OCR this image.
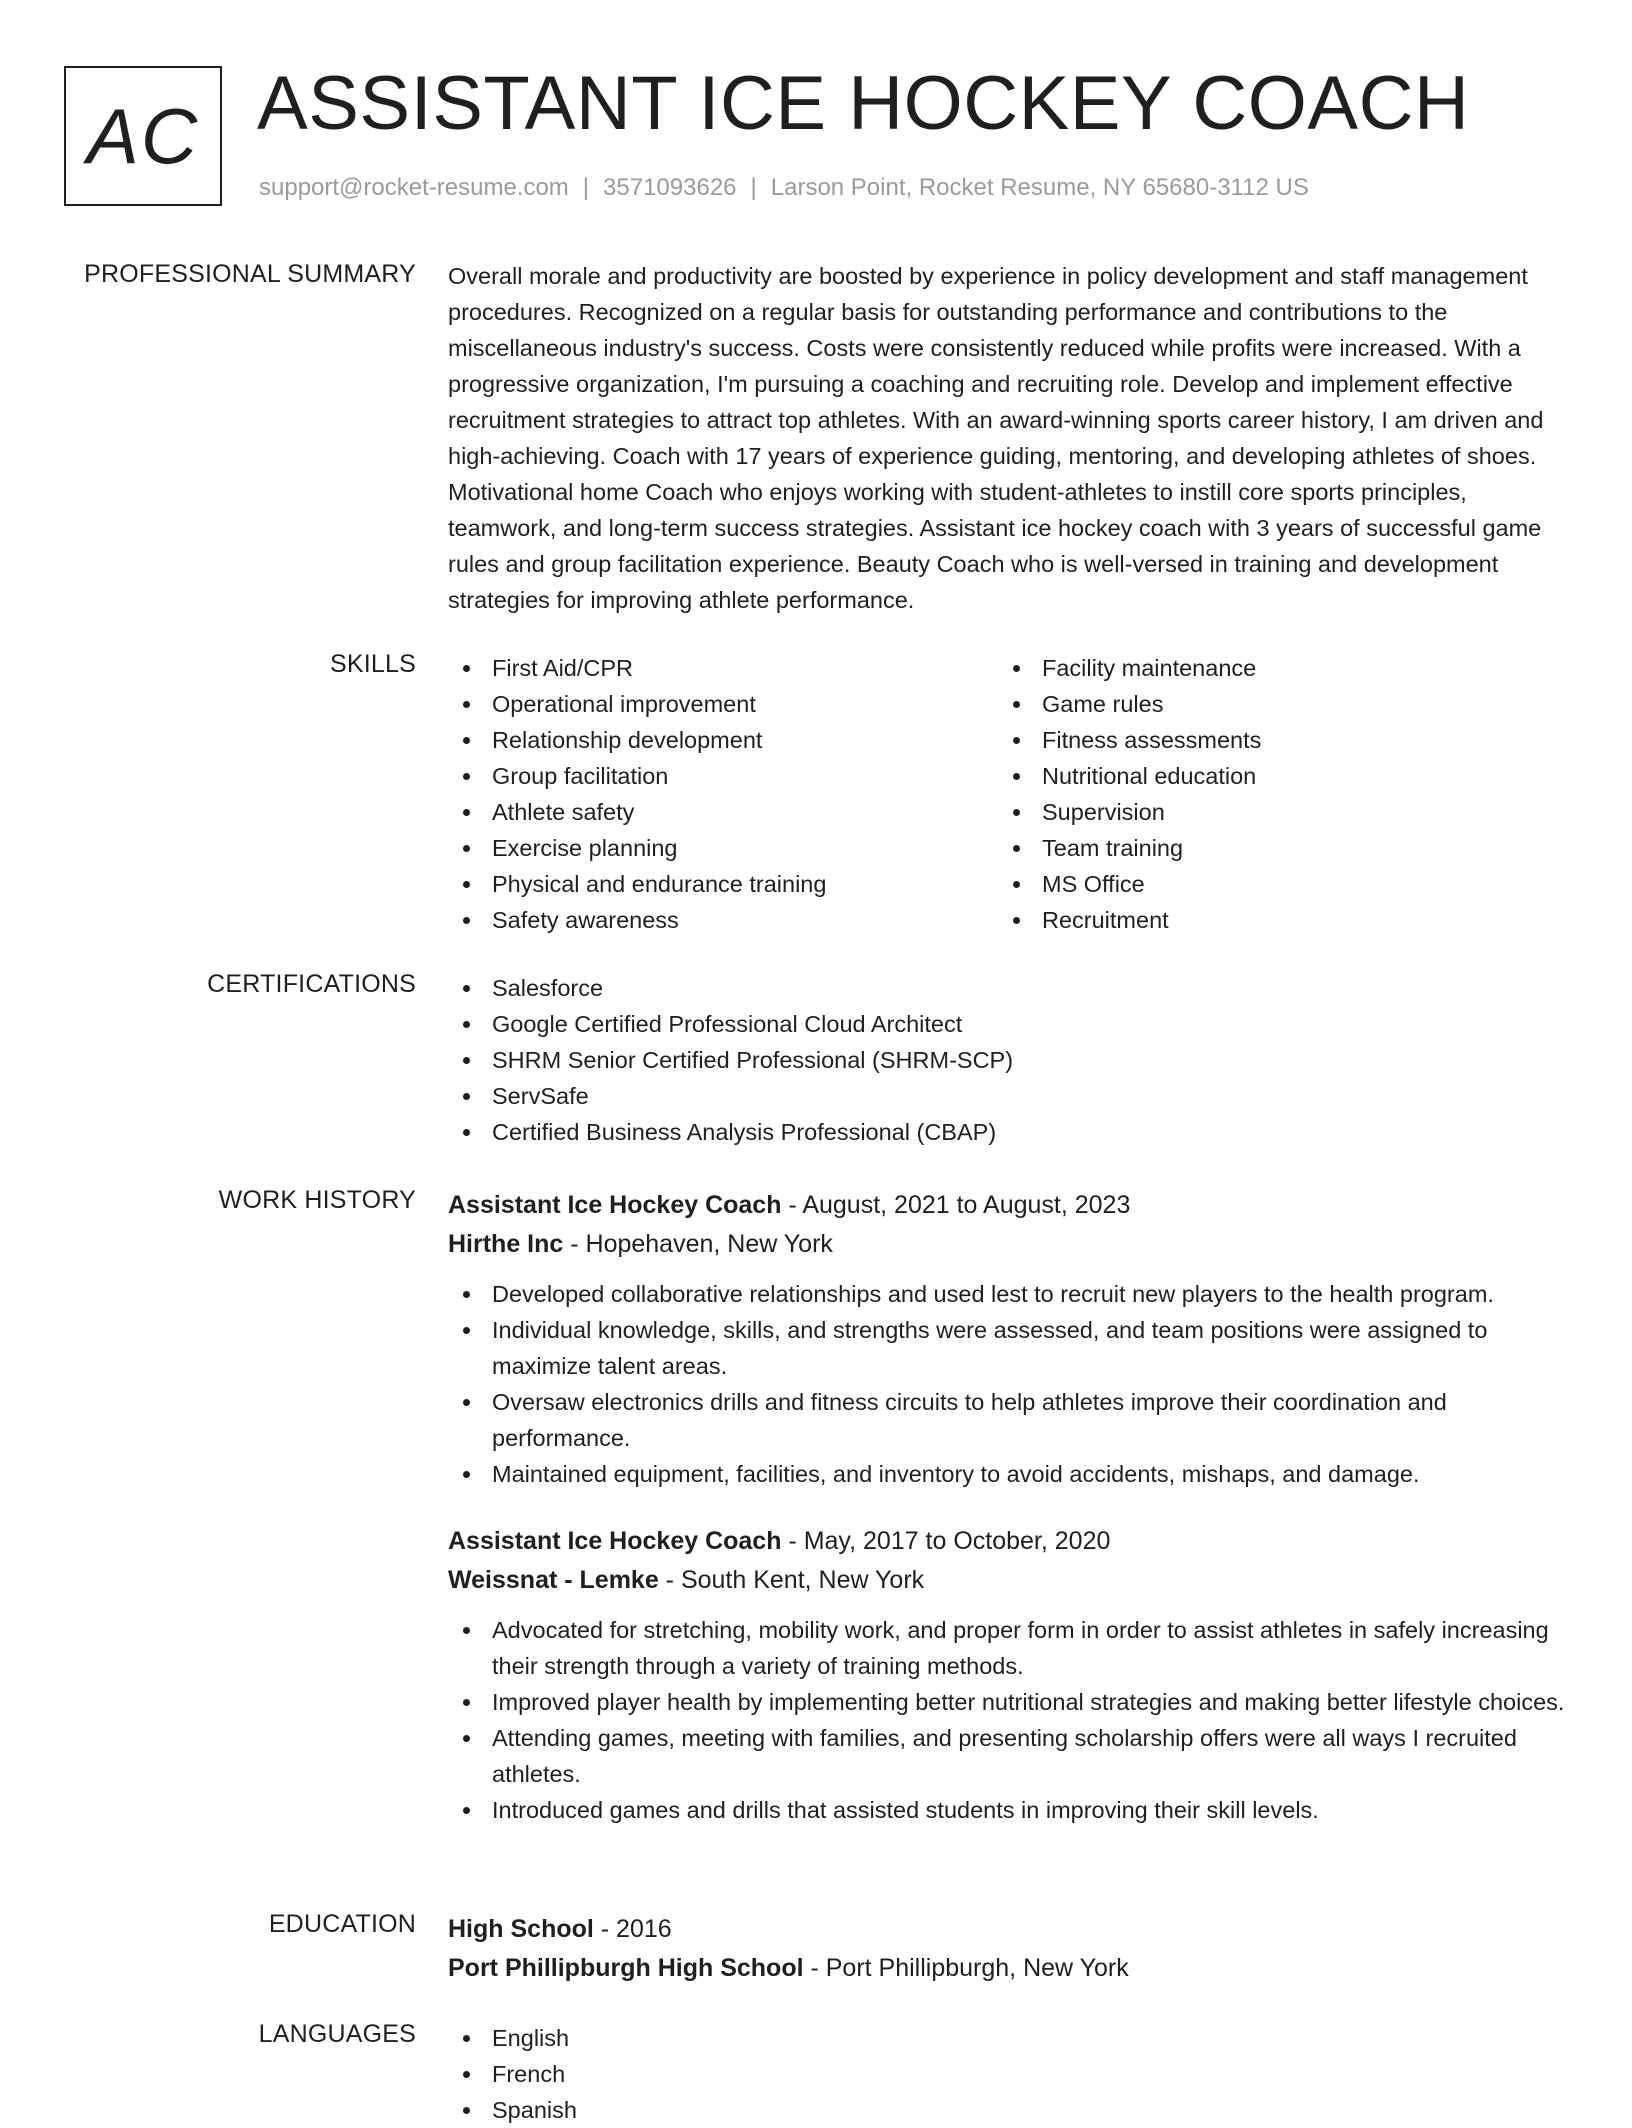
AC ASSISTANT ICE HOCKEY COACH
support@rocket-resume.com | 3571093626 | Larson Point, Rocket Resume, NY 65680-3112 US
PROFESSIONAL SUMMARY Overall morale and productivity are boosted by experience in policy development and staff management procedures. Recognized on a regular basis for outstanding performance and contributions to the miscellaneous industry's success. Costs were consistently reduced while profits were increased. With a progressive organization, I'm pursuing a coaching and recruiting role. Develop and implement effective recruitment strategies to attract top athletes. With an award-winning sports career history, I am driven and high-achieving. Coach with 17 years of experience guiding, mentoring, and developing athletes of shoes. Motivational home Coach who enjoys working with student-athletes to instill core sports principles, teamwork, and long-term success strategies. Assistant ice hockey coach with 3 years of successful game rules and group facilitation experience. Beauty Coach who is well-versed in training and development strategies for improving athlete performance.

SKILLS	First Aid/CPR
Operational improvement
Relationship development
Group facilitation
Athlete safety
Exercise planning
Physical and endurance training
Safety awareness
Facility maintenance
Game rules
Fitness assessments
Nutritional education
Supervision
Team training
MS Office
Recruitment
CERTIFICATIONS	Salesforce
Google Certified Professional Cloud Architect
SHRM Senior Certified Professional (SHRM-SCP)
ServSafe
Certified Business Analysis Professional (CBAP)
WORK HISTORY Assistant Ice Hockey Coach - August, 2021 to August, 2023
Hirthe Inc - Hopehaven, New York
Developed collaborative relationships and used lest to recruit new players to the health program.
Individual knowledge, skills, and strengths were assessed, and team positions were assigned to maximize talent areas.
Oversaw electronics drills and fitness circuits to help athletes improve their coordination and performance.
Maintained equipment, facilities, and inventory to avoid accidents, mishaps, and damage.
Assistant Ice Hockey Coach - May, 2017 to October, 2020
Weissnat - Lemke - South Kent, New York
Advocated for stretching, mobility work, and proper form in order to assist athletes in safely increasing their strength through a variety of training methods.
Improved player health by implementing better nutritional strategies and making better lifestyle choices.
Attending games, meeting with families, and presenting scholarship offers were all ways I recruited athletes.
Introduced games and drills that assisted students in improving their skill levels.
EDUCATION High School - 2016
Port Phillipburgh High School - Port Phillipburgh, New York
LANGUAGES	English
French
Spanish
